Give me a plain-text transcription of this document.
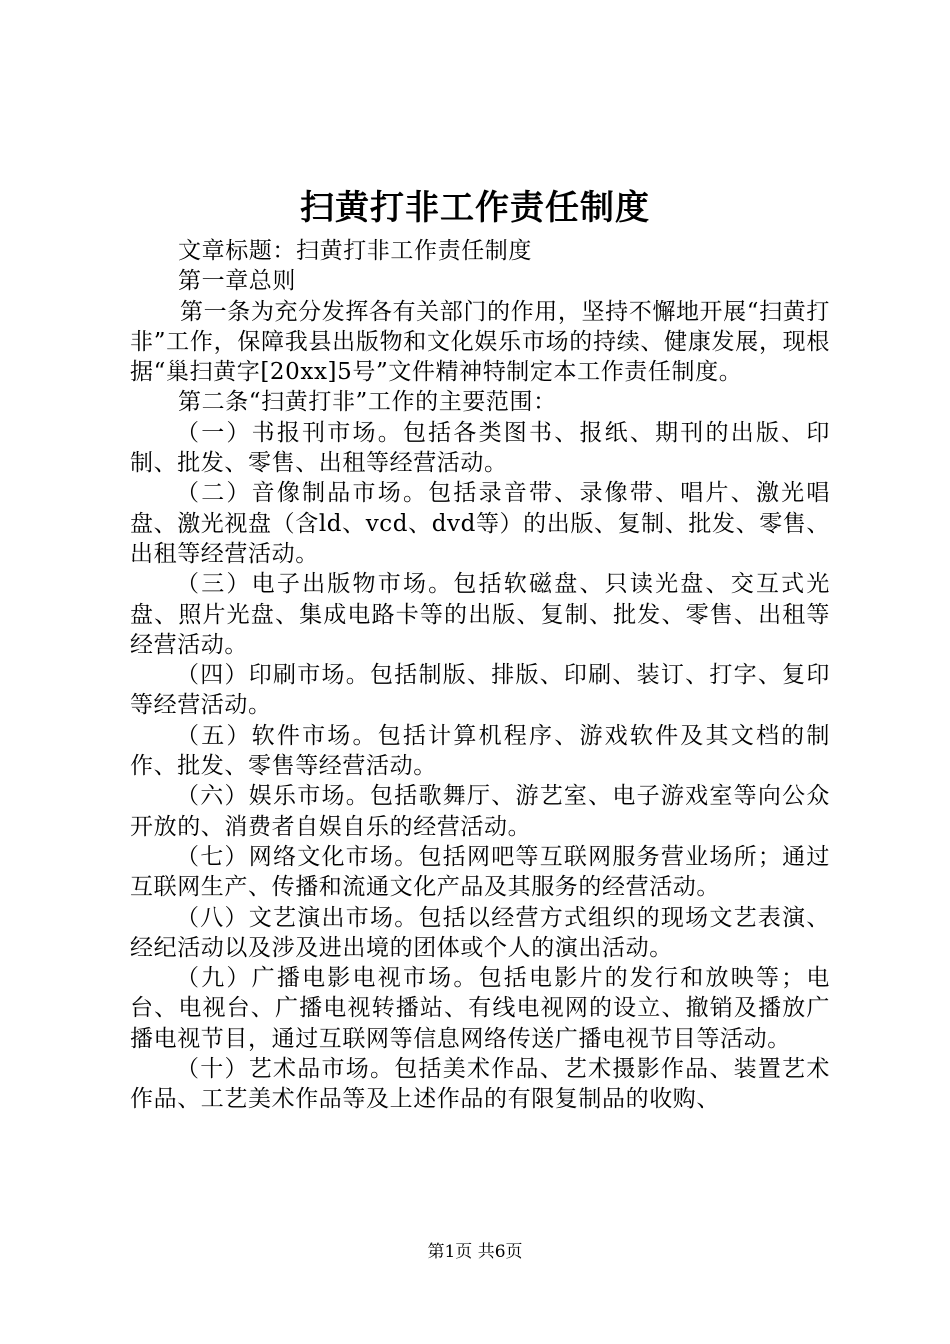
扫黄打非工作责任制度

文章标题：扫黄打非工作责任制度

第一章总则

第一条为充分发挥各有关部门的作用，坚持不懈地开展“扫黄打非”工作，保障我县出版物和文化娱乐市场的持续、健康发展，现根据“巢扫黄字[20xx]5号”文件精神特制定本工作责任制度。

第二条“扫黄打非”工作的主要范围：

（一）书报刊市场。包括各类图书、报纸、期刊的出版、印制、批发、零售、出租等经营活动。

（二）音像制品市场。包括录音带、录像带、唱片、激光唱盘、激光视盘（含ld、vcd、dvd等）的出版、复制、批发、零售、出租等经营活动。

（三）电子出版物市场。包括软磁盘、只读光盘、交互式光盘、照片光盘、集成电路卡等的出版、复制、批发、零售、出租等经营活动。

（四）印刷市场。包括制版、排版、印刷、装订、打字、复印等经营活动。

（五）软件市场。包括计算机程序、游戏软件及其文档的制作、批发、零售等经营活动。

（六）娱乐市场。包括歌舞厅、游艺室、电子游戏室等向公众开放的、消费者自娱自乐的经营活动。

（七）网络文化市场。包括网吧等互联网服务营业场所；通过互联网生产、传播和流通文化产品及其服务的经营活动。

（八）文艺演出市场。包括以经营方式组织的现场文艺表演、经纪活动以及涉及进出境的团体或个人的演出活动。

（九）广播电影电视市场。包括电影片的发行和放映等；电台、电视台、广播电视转播站、有线电视网的设立、撤销及播放广播电视节目，通过互联网等信息网络传送广播电视节目等活动。

（十）艺术品市场。包括美术作品、艺术摄影作品、装置艺术作品、工艺美术作品等及上述作品的有限复制品的收购、

第1页 共6页
